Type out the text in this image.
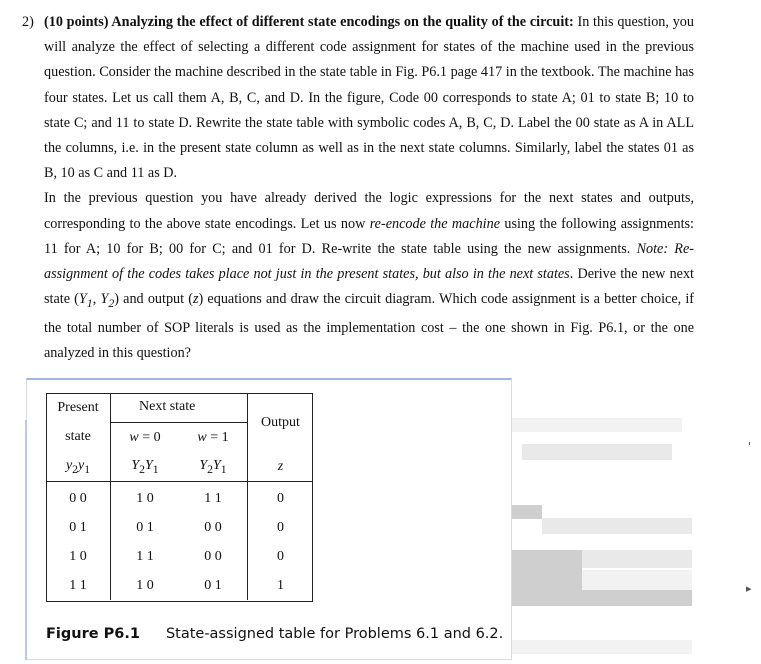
2) (10 points) Analyzing the effect of different state encodings on the quality of the circuit: In this question, you will analyze the effect of selecting a different code assignment for states of the machine used in the previous question. Consider the machine described in the state table in Fig. P6.1 page 417 in the textbook. The machine has four states. Let us call them A, B, C, and D. In the figure, Code 00 corresponds to state A; 01 to state B; 10 to state C; and 11 to state D. Rewrite the state table with symbolic codes A, B, C, D. Label the 00 state as A in ALL the columns, i.e. in the present state column as well as in the next state columns. Similarly, label the states 01 as B, 10 as C and 11 as D.

In the previous question you have already derived the logic expressions for the next states and outputs, corresponding to the above state encodings. Let us now re-encode the machine using the following assignments: 11 for A; 10 for B; 00 for C; and 01 for D. Re-write the state table using the new assignments. Note: Re-assignment of the codes takes place not just in the present states, but also in the next states. Derive the new next state ($Y_1$, $Y_2$) and output (z) equations and draw the circuit diagram. Which code assignment is a better choice, if the total number of SOP literals is used as the implementation cost – the one shown in Fig. P6.1, or the one analyzed in this question?

Present		Next state	Output
state	w = 0	w = 1	
$y_2y_1$	$Y_2Y_1$	$Y_2Y_1$	z
0 0	1 0	1 1	0
0 1	0 1	0 0	0
1 0	1 1	0 0	0
1 1	1 0	0 1	1
Figure P6.1 State-assigned table for Problems 6.1 and 6.2.
'
▸
